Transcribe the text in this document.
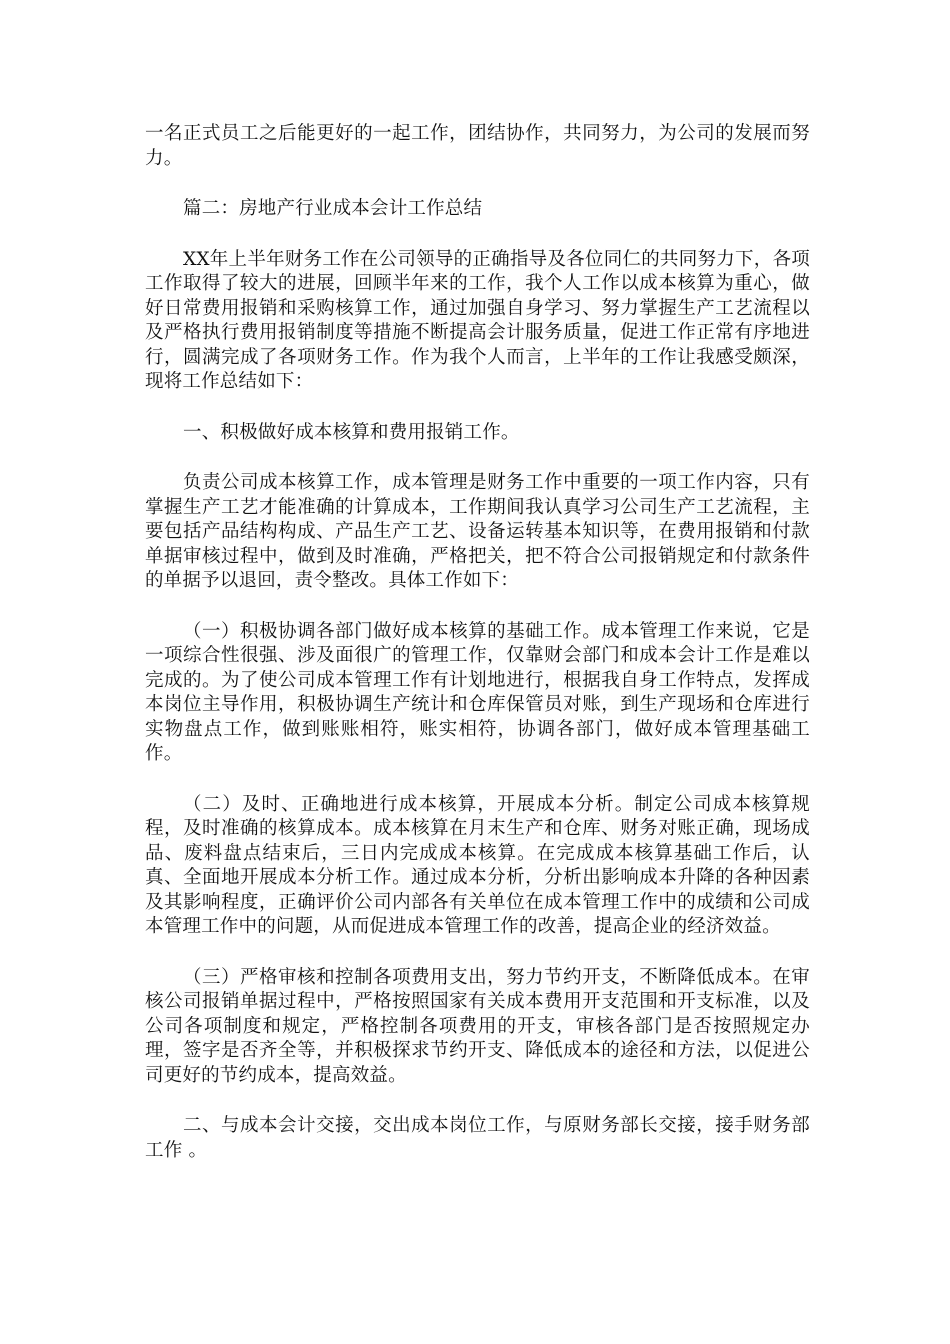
一名正式员工之后能更好的一起工作，团结协作，共同努力，为公司的发展而努力。

篇二：房地产行业成本会计工作总结

XX年上半年财务工作在公司领导的正确指导及各位同仁的共同努力下，各项工作取得了较大的进展，回顾半年来的工作，我个人工作以成本核算为重心，做好日常费用报销和采购核算工作，通过加强自身学习、努力掌握生产工艺流程以及严格执行费用报销制度等措施不断提高会计服务质量，促进工作正常有序地进行，圆满完成了各项财务工作。作为我个人而言，上半年的工作让我感受颇深，现将工作总结如下：

一、积极做好成本核算和费用报销工作。

负责公司成本核算工作，成本管理是财务工作中重要的一项工作内容，只有掌握生产工艺才能准确的计算成本，工作期间我认真学习公司生产工艺流程，主要包括产品结构构成、产品生产工艺、设备运转基本知识等，在费用报销和付款单据审核过程中，做到及时准确，严格把关，把不符合公司报销规定和付款条件的单据予以退回，责令整改。具体工作如下：

（一）积极协调各部门做好成本核算的基础工作。成本管理工作来说，它是一项综合性很强、涉及面很广的管理工作，仅靠财会部门和成本会计工作是难以完成的。为了使公司成本管理工作有计划地进行，根据我自身工作特点，发挥成本岗位主导作用，积极协调生产统计和仓库保管员对账，到生产现场和仓库进行实物盘点工作，做到账账相符，账实相符，协调各部门，做好成本管理基础工作。

（二）及时、正确地进行成本核算，开展成本分析。制定公司成本核算规程，及时准确的核算成本。成本核算在月末生产和仓库、财务对账正确，现场成品、废料盘点结束后，三日内完成成本核算。在完成成本核算基础工作后，认真、全面地开展成本分析工作。通过成本分析，分析出影响成本升降的各种因素及其影响程度，正确评价公司内部各有关单位在成本管理工作中的成绩和公司成本管理工作中的问题，从而促进成本管理工作的改善，提高企业的经济效益。

（三）严格审核和控制各项费用支出，努力节约开支，不断降低成本。在审核公司报销单据过程中，严格按照国家有关成本费用开支范围和开支标准，以及公司各项制度和规定，严格控制各项费用的开支，审核各部门是否按照规定办理，签字是否齐全等，并积极探求节约开支、降低成本的途径和方法，以促进公司更好的节约成本，提高效益。

二、与成本会计交接，交出成本岗位工作，与原财务部长交接，接手财务部工作 。
